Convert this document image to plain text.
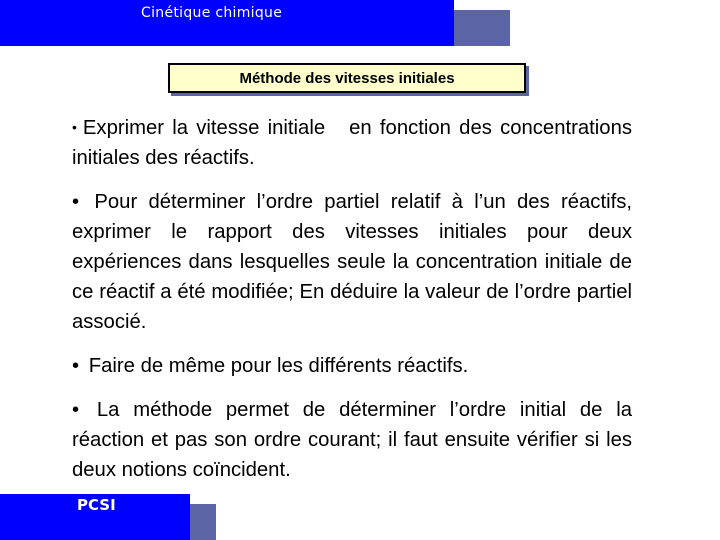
Cinétique chimique
Méthode des vitesses initiales

• Exprimer la vitesse initiale en fonction des concentrations initiales des réactifs.

• Pour déterminer l’ordre partiel relatif à l’un des réactifs, exprimer le rapport des vitesses initiales pour deux expériences dans lesquelles seule la concentration initiale de ce réactif a été modifiée; En déduire la valeur de l’ordre partiel associé.

• Faire de même pour les différents réactifs.

• La méthode permet de déterminer l’ordre initial de la réaction et pas son ordre courant; il faut ensuite vérifier si les deux notions coïncident.

PCSI
